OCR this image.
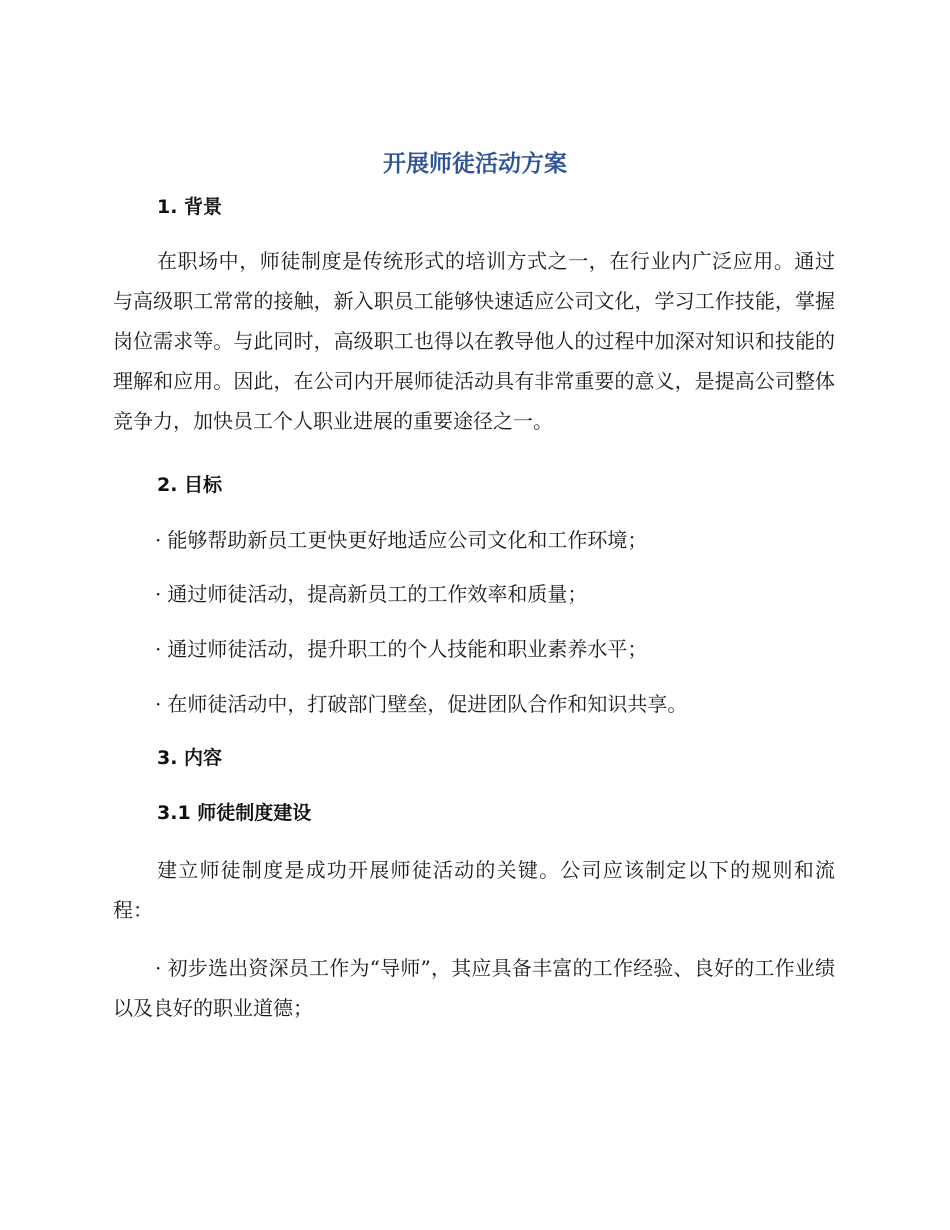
开展师徒活动方案
1. 背景

在职场中，师徒制度是传统形式的培训方式之一，在行业内广泛应用。通过与高级职工常常的接触，新入职员工能够快速适应公司文化，学习工作技能，掌握岗位需求等。与此同时，高级职工也得以在教导他人的过程中加深对知识和技能的理解和应用。因此，在公司内开展师徒活动具有非常重要的意义，是提高公司整体竞争力，加快员工个人职业进展的重要途径之一。

2. 目标
· 能够帮助新员工更快更好地适应公司文化和工作环境；
· 通过师徒活动，提高新员工的工作效率和质量；
· 通过师徒活动，提升职工的个人技能和职业素养水平；
· 在师徒活动中，打破部门壁垒，促进团队合作和知识共享。
3. 内容
3.1 师徒制度建设

建立师徒制度是成功开展师徒活动的关键。公司应该制定以下的规则和流程：

· 初步选出资深员工作为“导师”，其应具备丰富的工作经验、良好的工作业绩以及良好的职业道德；
